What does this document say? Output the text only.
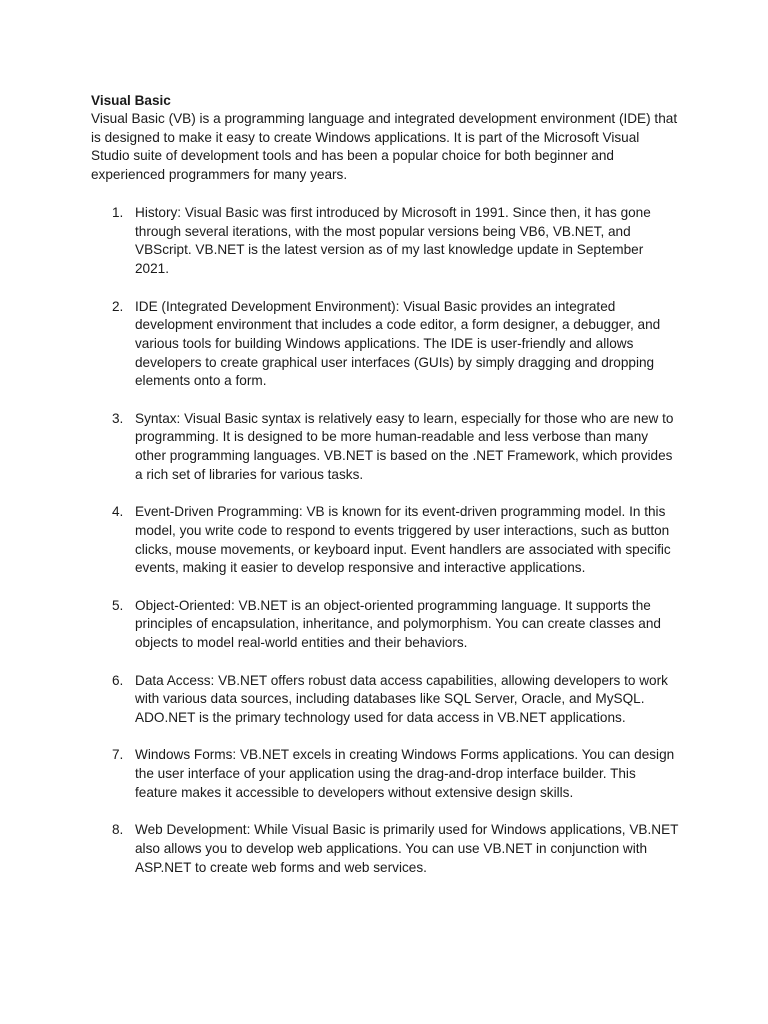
Visual Basic

Visual Basic (VB) is a programming language and integrated development environment (IDE) that is designed to make it easy to create Windows applications. It is part of the Microsoft Visual Studio suite of development tools and has been a popular choice for both beginner and experienced programmers for many years.

1. History: Visual Basic was first introduced by Microsoft in 1991. Since then, it has gone through several iterations, with the most popular versions being VB6, VB.NET, and VBScript. VB.NET is the latest version as of my last knowledge update in September 2021.
2. IDE (Integrated Development Environment): Visual Basic provides an integrated development environment that includes a code editor, a form designer, a debugger, and various tools for building Windows applications. The IDE is user-friendly and allows developers to create graphical user interfaces (GUIs) by simply dragging and dropping elements onto a form.
3. Syntax: Visual Basic syntax is relatively easy to learn, especially for those who are new to programming. It is designed to be more human-readable and less verbose than many other programming languages. VB.NET is based on the .NET Framework, which provides a rich set of libraries for various tasks.
4. Event-Driven Programming: VB is known for its event-driven programming model. In this model, you write code to respond to events triggered by user interactions, such as button clicks, mouse movements, or keyboard input. Event handlers are associated with specific events, making it easier to develop responsive and interactive applications.
5. Object-Oriented: VB.NET is an object-oriented programming language. It supports the principles of encapsulation, inheritance, and polymorphism. You can create classes and objects to model real-world entities and their behaviors.
6. Data Access: VB.NET offers robust data access capabilities, allowing developers to work with various data sources, including databases like SQL Server, Oracle, and MySQL. ADO.NET is the primary technology used for data access in VB.NET applications.
7. Windows Forms: VB.NET excels in creating Windows Forms applications. You can design the user interface of your application using the drag-and-drop interface builder. This feature makes it accessible to developers without extensive design skills.
8. Web Development: While Visual Basic is primarily used for Windows applications, VB.NET also allows you to develop web applications. You can use VB.NET in conjunction with ASP.NET to create web forms and web services.
